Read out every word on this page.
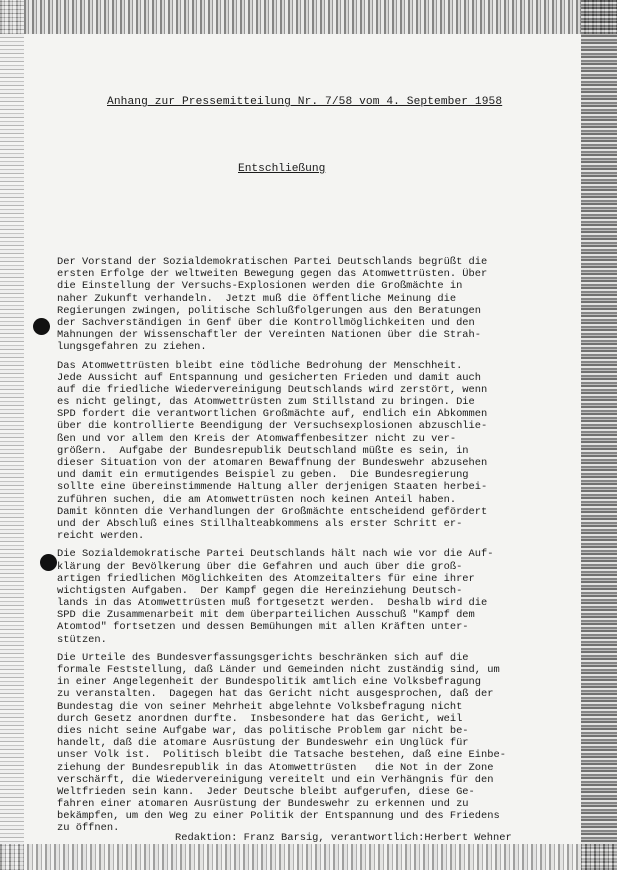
Anhang zur Pressemitteilung Nr. 7/58 vom 4. September 1958
Entschließung
Der Vorstand der Sozialdemokratischen Partei Deutschlands begrüßt die
ersten Erfolge der weltweiten Bewegung gegen das Atomwettrüsten. Über
die Einstellung der Versuchs-Explosionen werden die Großmächte in
naher Zukunft verhandeln.  Jetzt muß die öffentliche Meinung die
Regierungen zwingen, politische Schlußfolgerungen aus den Beratungen
der Sachverständigen in Genf über die Kontrollmöglichkeiten und den
Mahnungen der Wissenschaftler der Vereinten Nationen über die Strah-
lungsgefahren zu ziehen.
Das Atomwettrüsten bleibt eine tödliche Bedrohung der Menschheit.
Jede Aussicht auf Entspannung und gesicherten Frieden und damit auch
auf die friedliche Wiedervereinigung Deutschlands wird zerstört, wenn
es nicht gelingt, das Atomwettrüsten zum Stillstand zu bringen. Die
SPD fordert die verantwortlichen Großmächte auf, endlich ein Abkommen
über die kontrollierte Beendigung der Versuchsexplosionen abzuschlie-
ßen und vor allem den Kreis der Atomwaffenbesitzer nicht zu ver-
größern.  Aufgabe der Bundesrepublik Deutschland müßte es sein, in
dieser Situation von der atomaren Bewaffnung der Bundeswehr abzusehen
und damit ein ermutigendes Beispiel zu geben.  Die Bundesregierung
sollte eine übereinstimmende Haltung aller derjenigen Staaten herbei-
zuführen suchen, die am Atomwettrüsten noch keinen Anteil haben.
Damit könnten die Verhandlungen der Großmächte entscheidend gefördert
und der Abschluß eines Stillhalteabkommens als erster Schritt er-
reicht werden.
Die Sozialdemokratische Partei Deutschlands hält nach wie vor die Auf-
klärung der Bevölkerung über die Gefahren und auch über die groß-
artigen friedlichen Möglichkeiten des Atomzeitalters für eine ihrer
wichtigsten Aufgaben.  Der Kampf gegen die Hereinziehung Deutsch-
lands in das Atomwettrüsten muß fortgesetzt werden.  Deshalb wird die
SPD die Zusammenarbeit mit dem überparteilichen Ausschuß "Kampf dem
Atomtod" fortsetzen und dessen Bemühungen mit allen Kräften unter-
stützen.
Die Urteile des Bundesverfassungsgerichts beschränken sich auf die
formale Feststellung, daß Länder und Gemeinden nicht zuständig sind, um
in einer Angelegenheit der Bundespolitik amtlich eine Volksbefragung
zu veranstalten.  Dagegen hat das Gericht nicht ausgesprochen, daß der
Bundestag die von seiner Mehrheit abgelehnte Volksbefragung nicht
durch Gesetz anordnen durfte.  Insbesondere hat das Gericht, weil
dies nicht seine Aufgabe war, das politische Problem gar nicht be-
handelt, daß die atomare Ausrüstung der Bundeswehr ein Unglück für
unser Volk ist.  Politisch bleibt die Tatsache bestehen, daß eine Einbe-
ziehung der Bundesrepublik in das Atomwettrüsten   die Not in der Zone
verschärft, die Wiedervereinigung vereitelt und ein Verhängnis für den
Weltfrieden sein kann.  Jeder Deutsche bleibt aufgerufen, diese Ge-
fahren einer atomaren Ausrüstung der Bundeswehr zu erkennen und zu
bekämpfen, um den Weg zu einer Politik der Entspannung und des Friedens
zu öffnen.
Redaktion: Franz Barsig, verantwortlich:Herbert Wehner
